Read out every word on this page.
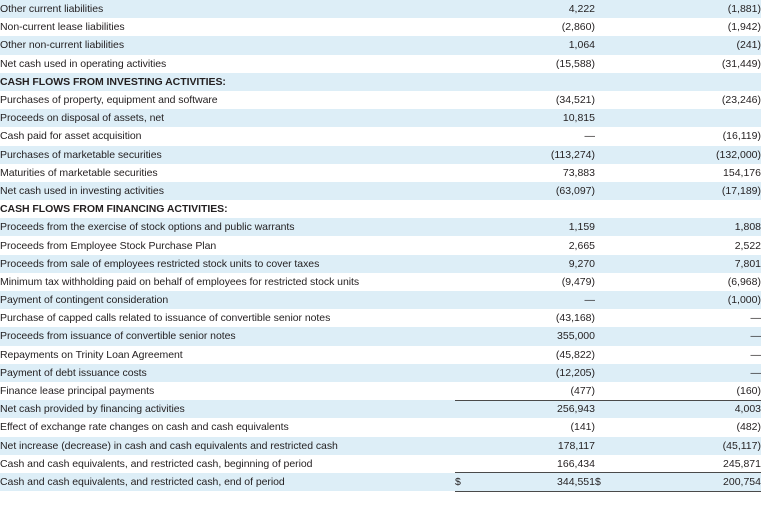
Other current liabilities		4,222		(1,881)
Non-current lease liabilities		(2,860)		(1,942)
Other non-current liabilities		1,064		(241)
Net cash used in operating activities		(15,588)		(31,449)
CASH FLOWS FROM INVESTING ACTIVITIES:				
Purchases of property, equipment and software		(34,521)		(23,246)
Proceeds on disposal of assets, net		10,815		
Cash paid for asset acquisition		—		(16,119)
Purchases of marketable securities		(113,274)		(132,000)
Maturities of marketable securities		73,883		154,176
Net cash used in investing activities		(63,097)		(17,189)
CASH FLOWS FROM FINANCING ACTIVITIES:				
Proceeds from the exercise of stock options and public warrants		1,159		1,808
Proceeds from Employee Stock Purchase Plan		2,665		2,522
Proceeds from sale of employees restricted stock units to cover taxes		9,270		7,801
Minimum tax withholding paid on behalf of employees for restricted stock units		(9,479)		(6,968)
Payment of contingent consideration		—		(1,000)
Purchase of capped calls related to issuance of convertible senior notes		(43,168)		—
Proceeds from issuance of convertible senior notes		355,000		—
Repayments on Trinity Loan Agreement		(45,822)		—
Payment of debt issuance costs		(12,205)		—
Finance lease principal payments		(477)		(160)
Net cash provided by financing activities		256,943		4,003
Effect of exchange rate changes on cash and cash equivalents		(141)		(482)
Net increase (decrease) in cash and cash equivalents and restricted cash		178,117		(45,117)
Cash and cash equivalents, and restricted cash, beginning of period		166,434		245,871
Cash and cash equivalents, and restricted cash, end of period	$	344,551	$	200,754
